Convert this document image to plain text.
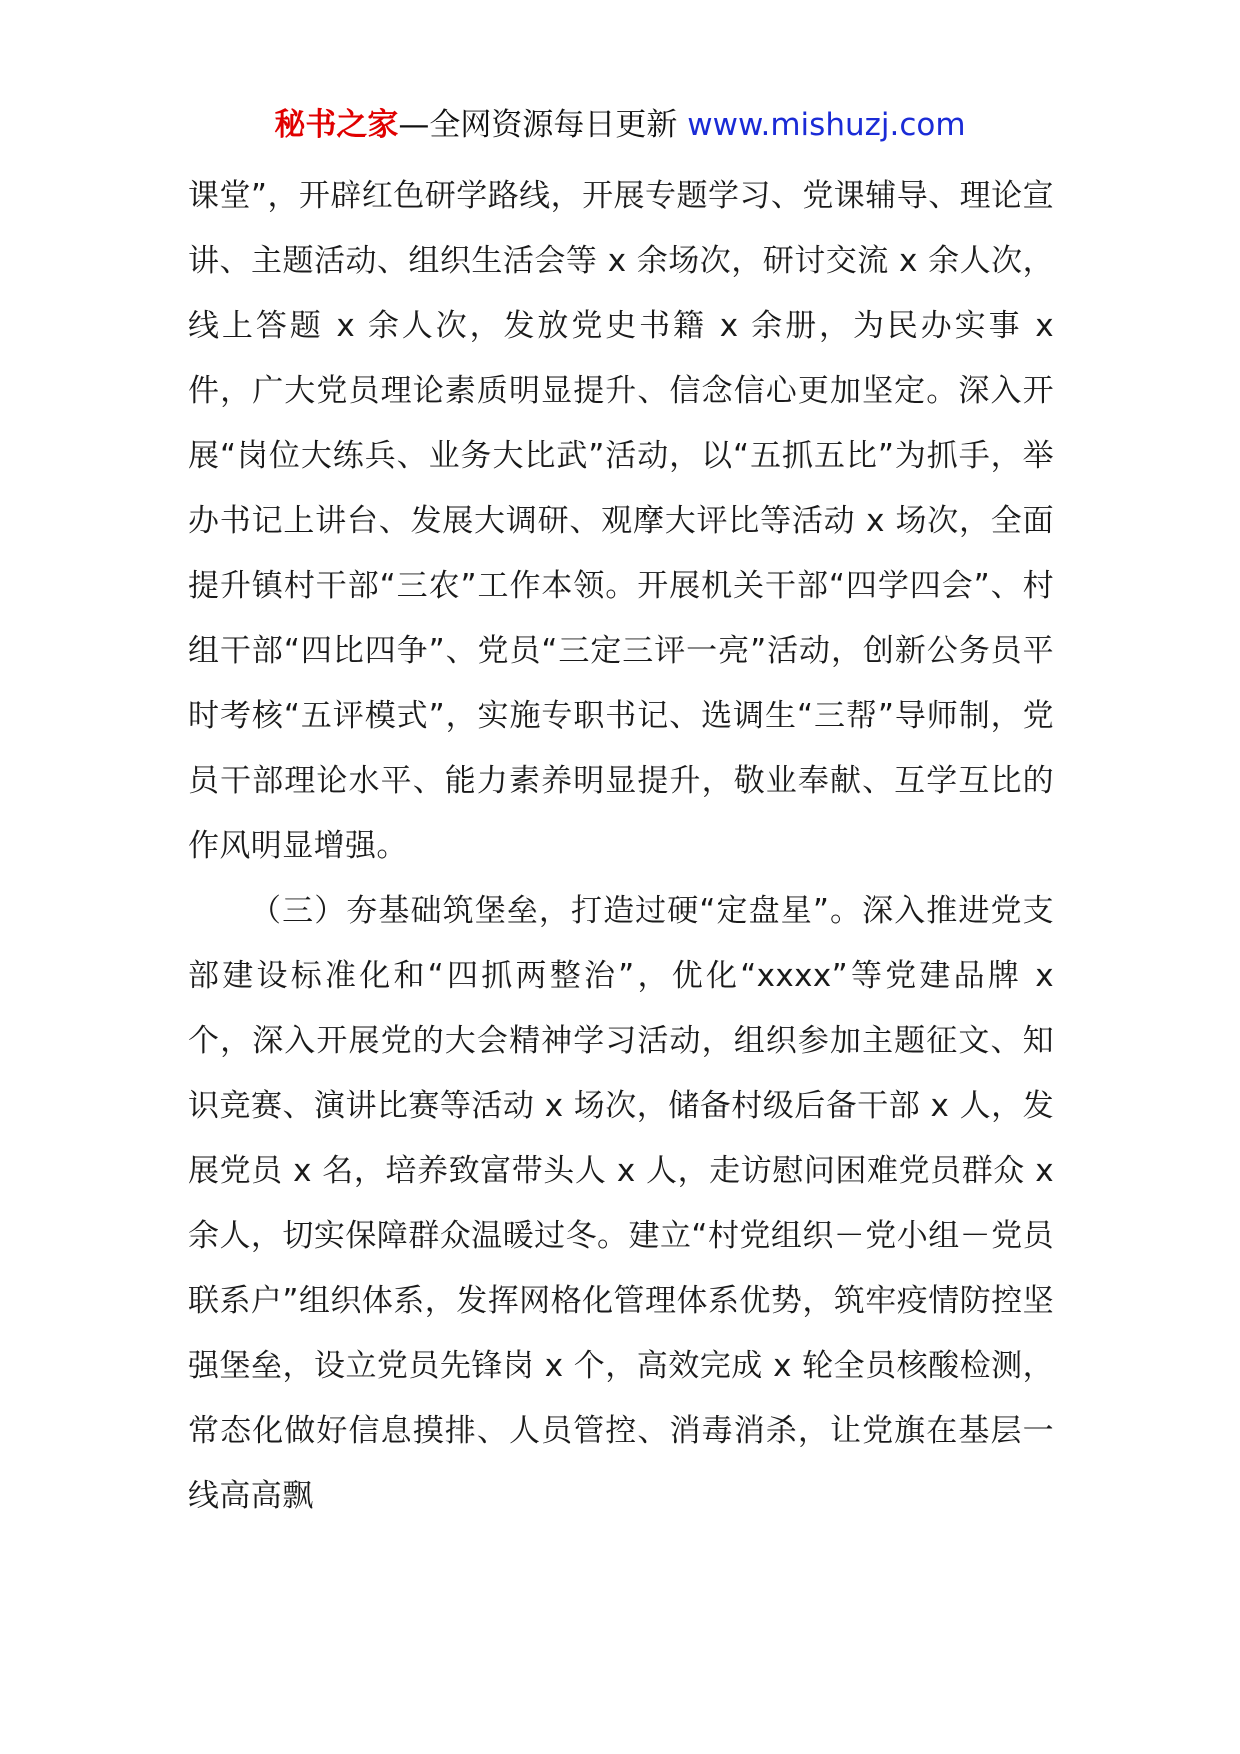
秘书之家—全网资源每日更新 www.mishuzj.com

课堂”，开辟红色研学路线，开展专题学习、党课辅导、理论宣讲、主题活动、组织生活会等 x 余场次，研讨交流 x 余人次，线上答题 x 余人次，发放党史书籍 x 余册，为民办实事 x 件，广大党员理论素质明显提升、信念信心更加坚定。深入开展“岗位大练兵、业务大比武”活动，以“五抓五比”为抓手，举办书记上讲台、发展大调研、观摩大评比等活动 x 场次，全面提升镇村干部“三农”工作本领。开展机关干部“四学四会”、村组干部“四比四争”、党员“三定三评一亮”活动，创新公务员平时考核“五评模式”，实施专职书记、选调生“三帮”导师制，党员干部理论水平、能力素养明显提升，敬业奉献、互学互比的作风明显增强。

（三）夯基础筑堡垒，打造过硬“定盘星”。深入推进党支部建设标准化和“四抓两整治”，优化“xxxx”等党建品牌 x 个，深入开展党的大会精神学习活动，组织参加主题征文、知识竞赛、演讲比赛等活动 x 场次，储备村级后备干部 x 人，发展党员 x 名，培养致富带头人 x 人，走访慰问困难党员群众 x 余人，切实保障群众温暖过冬。建立“村党组织－党小组－党员联系户”组织体系，发挥网格化管理体系优势，筑牢疫情防控坚强堡垒，设立党员先锋岗 x 个，高效完成 x 轮全员核酸检测，常态化做好信息摸排、人员管控、消毒消杀，让党旗在基层一线高高飘
